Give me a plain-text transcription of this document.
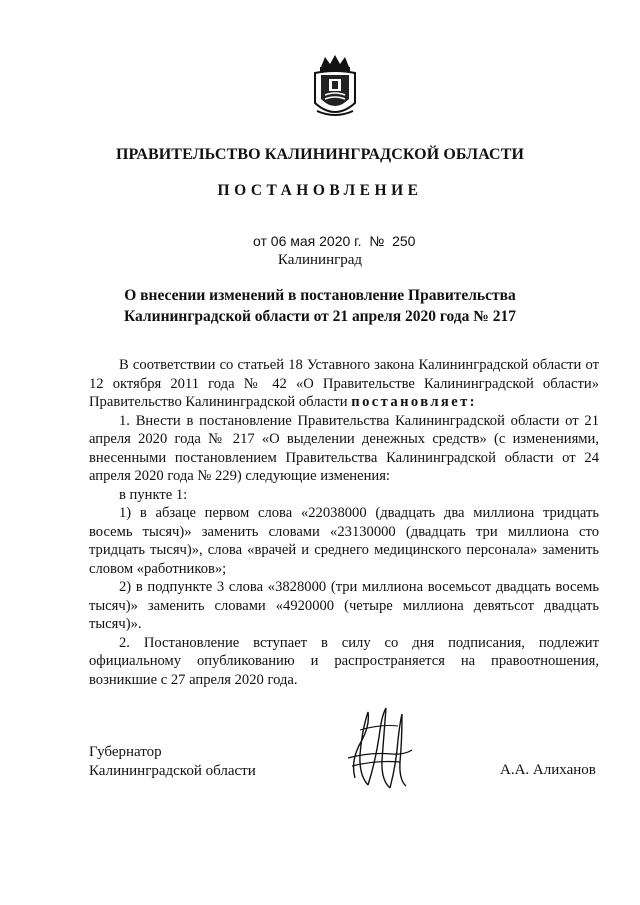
ПРАВИТЕЛЬСТВО КАЛИНИНГРАДСКОЙ ОБЛАСТИ
ПОСТАНОВЛЕНИЕ
от 06 мая 2020 г. № 250
Калининград
О внесении изменений в постановление Правительства
Калининградской области от 21 апреля 2020 года № 217

В соответствии со статьей 18 Уставного закона Калининградской области от 12 октября 2011 года № 42 «О Правительстве Калининградской области» Правительство Калининградской области постановляет:

1. Внести в постановление Правительства Калининградской области от 21 апреля 2020 года № 217 «О выделении денежных средств» (с изменениями, внесенными постановлением Правительства Калининградской области от 24 апреля 2020 года № 229) следующие изменения:

в пункте 1:

1) в абзаце первом слова «22038000 (двадцать два миллиона тридцать восемь тысяч)» заменить словами «23130000 (двадцать три миллиона сто тридцать тысяч)», слова «врачей и среднего медицинского персонала» заменить словом «работников»;

2) в подпункте 3 слова «3828000 (три миллиона восемьсот двадцать восемь тысяч)» заменить словами «4920000 (четыре миллиона девятьсот двадцать тысяч)».

2. Постановление вступает в силу со дня подписания, подлежит официальному опубликованию и распространяется на правоотношения, возникшие с 27 апреля 2020 года.

Губернатор
Калининградской области	А.А. Алиханов
